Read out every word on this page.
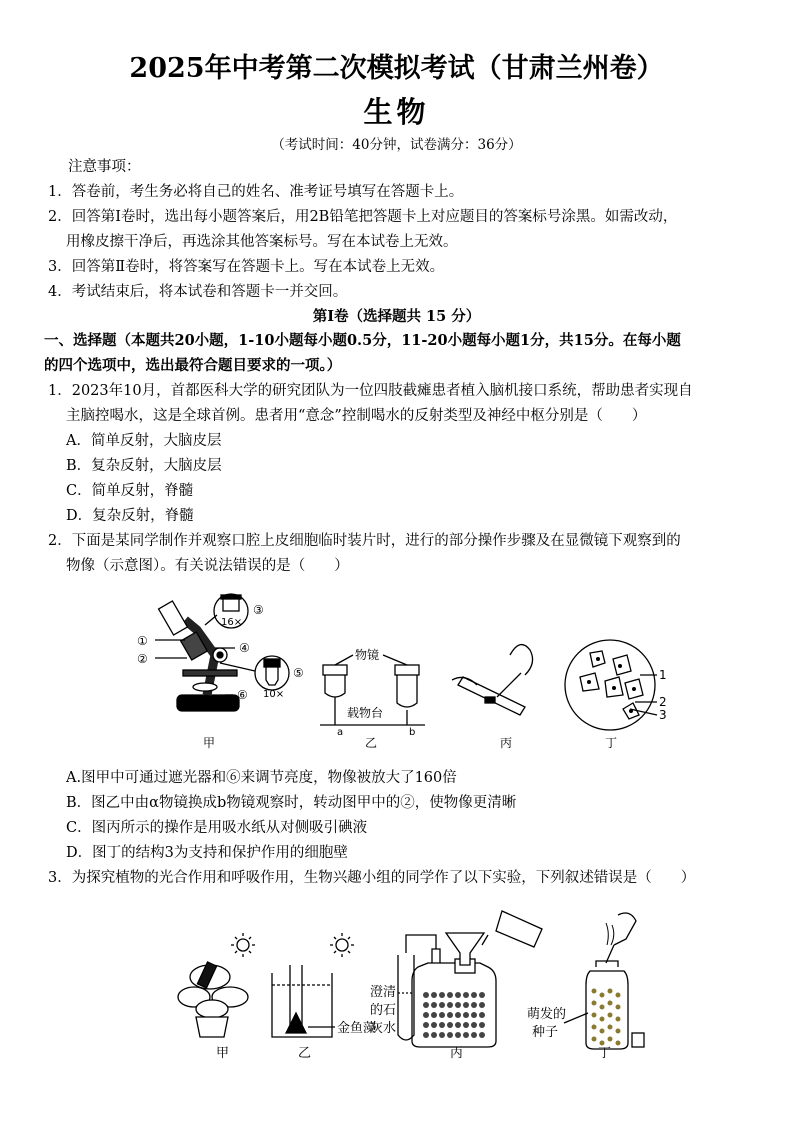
2025年中考第二次模拟考试（甘肃兰州卷）
生物
（考试时间：40分钟，试卷满分：36分）
注意事项：
1．答卷前，考生务必将自己的姓名、准考证号填写在答题卡上。
2．回答第Ⅰ卷时，选出每小题答案后，用2B铅笔把答题卡上对应题目的答案标号涂黑。如需改动，
用橡皮擦干净后，再选涂其他答案标号。写在本试卷上无效。
3．回答第Ⅱ卷时，将答案写在答题卡上。写在本试卷上无效。
4．考试结束后，将本试卷和答题卡一并交回。
第Ⅰ卷（选择题共 15 分）
一、选择题（本题共20小题，1-10小题每小题0.5分，11-20小题每小题1分，共15分。在每小题
的四个选项中，选出最符合题目要求的一项。）
1．2023年10月，首都医科大学的研究团队为一位四肢截瘫患者植入脑机接口系统，帮助患者实现自
主脑控喝水，这是全球首例。患者用“意念”控制喝水的反射类型及神经中枢分别是（　　）
A．简单反射，大脑皮层
B．复杂反射，大脑皮层
C．简单反射，脊髓
D．复杂反射，脊髓
2．下面是某同学制作并观察口腔上皮细胞临时装片时，进行的部分操作步骤及在显微镜下观察到的
物像（示意图）。有关说法错误的是（　　）
③
①
②
④
⑤
⑥
16×
10×
物镜
载物台
a	b
1
2
3
甲	乙	丙	丁
A.图甲中可通过遮光器和⑥来调节亮度，物像被放大了160倍
B．图乙中由α物镜换成b物镜观察时，转动图甲中的②，使物像更清晰
C．图丙所示的操作是用吸水纸从对侧吸引碘液
D．图丁的结构3为支持和保护作用的细胞壁
3．为探究植物的光合作用和呼吸作用，生物兴趣小组的同学作了以下实验，下列叙述错误是（　　）
金鱼藻
澄清
的石
灰水
萌发的
种子
甲	乙	丙	丁
